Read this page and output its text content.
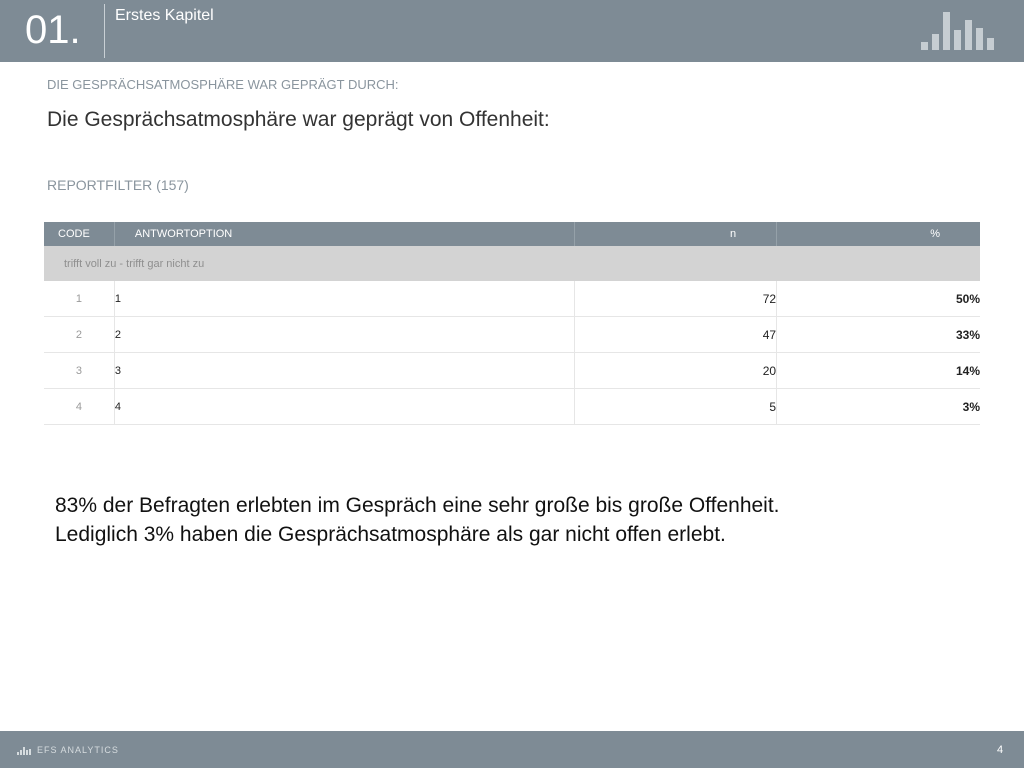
01. Erstes Kapitel
DIE GESPRÄCHSATMOSPHÄRE WAR GEPRÄGT DURCH:
Die Gesprächsatmosphäre war geprägt von Offenheit:
REPORTFILTER (157)
CODE	ANTWORTOPTION	n	%
trifft voll zu - trifft gar nicht zu			
1	1	72	50%
2	2	47	33%
3	3	20	14%
4	4	5	3%
83% der Befragten erlebten im Gespräch eine sehr große bis große Offenheit.
Lediglich 3% haben die Gesprächsatmosphäre als gar nicht offen erlebt.
EFS ANALYTICS	4
